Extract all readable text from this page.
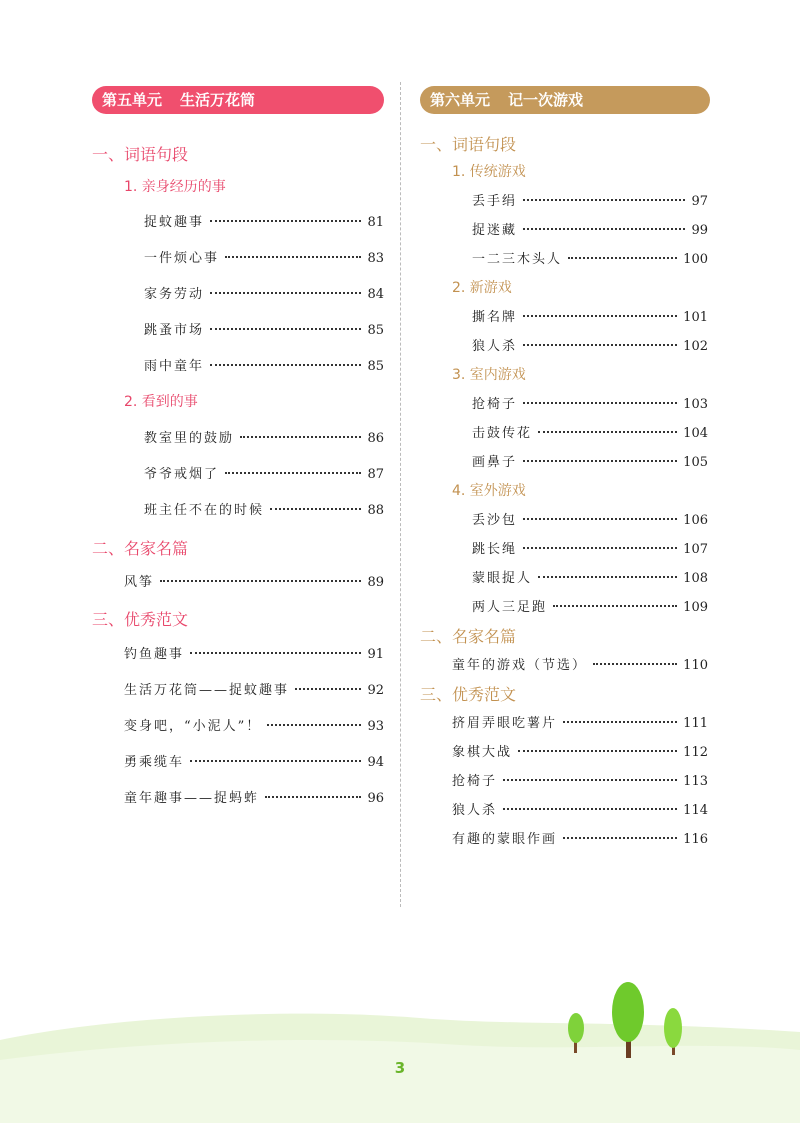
第五单元 生活万花筒
一、词语句段
1. 亲身经历的事
捉蚊趣事	81
一件烦心事	83
家务劳动	84
跳蚤市场	85
雨中童年	85
2. 看到的事
教室里的鼓励	86
爷爷戒烟了	87
班主任不在的时候	88
二、名家名篇
风筝	89
三、优秀范文
钓鱼趣事	91
生活万花筒——捉蚊趣事	92
变身吧，“小泥人”！	93
勇乘缆车	94
童年趣事——捉蚂蚱	96
第六单元 记一次游戏
一、词语句段
1. 传统游戏
丢手绢	97
捉迷藏	99
一二三木头人	100
2. 新游戏
撕名牌	101
狼人杀	102
3. 室内游戏
抢椅子	103
击鼓传花	104
画鼻子	105
4. 室外游戏
丢沙包	106
跳长绳	107
蒙眼捉人	108
两人三足跑	109
二、名家名篇
童年的游戏（节选）	110
三、优秀范文
挤眉弄眼吃薯片	111
象棋大战	112
抢椅子	113
狼人杀	114
有趣的蒙眼作画	116
3
